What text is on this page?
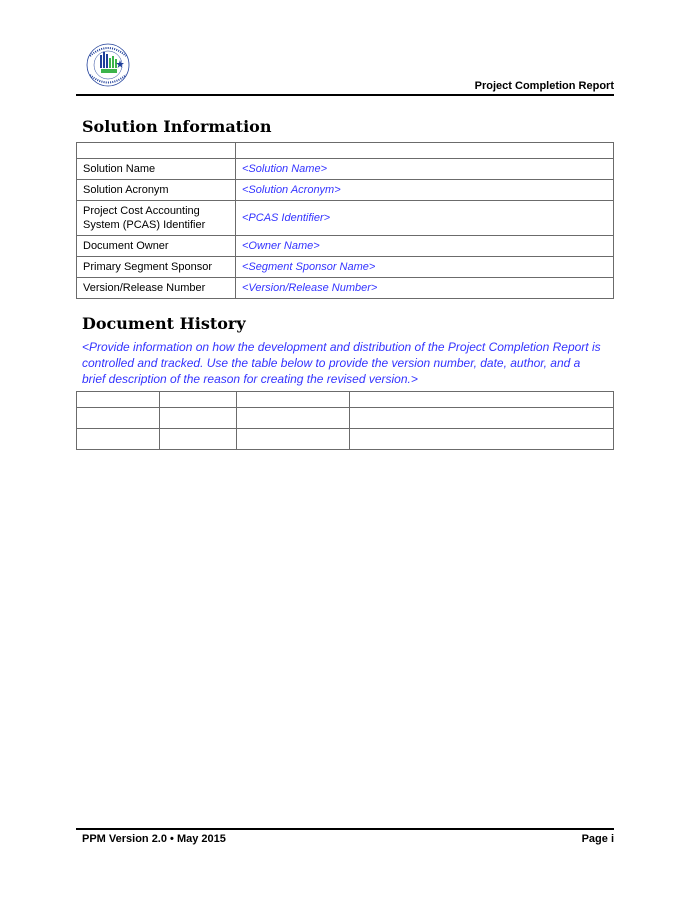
Project Completion Report
Solution Information

Solution Name	<Solution Name>
Solution Acronym	<Solution Acronym>
Project Cost Accounting System (PCAS) Identifier	<PCAS Identifier>
Document Owner	<Owner Name>
Primary Segment Sponsor	<Segment Sponsor Name>
Version/Release Number	<Version/Release Number>
Document History

<Provide information on how the development and distribution of the Project Completion Report is controlled and tracked. Use the table below to provide the version number, date, author, and a brief description of the reason for creating the revised version.>

PPM Version 2.0 • May 2015	Page i
